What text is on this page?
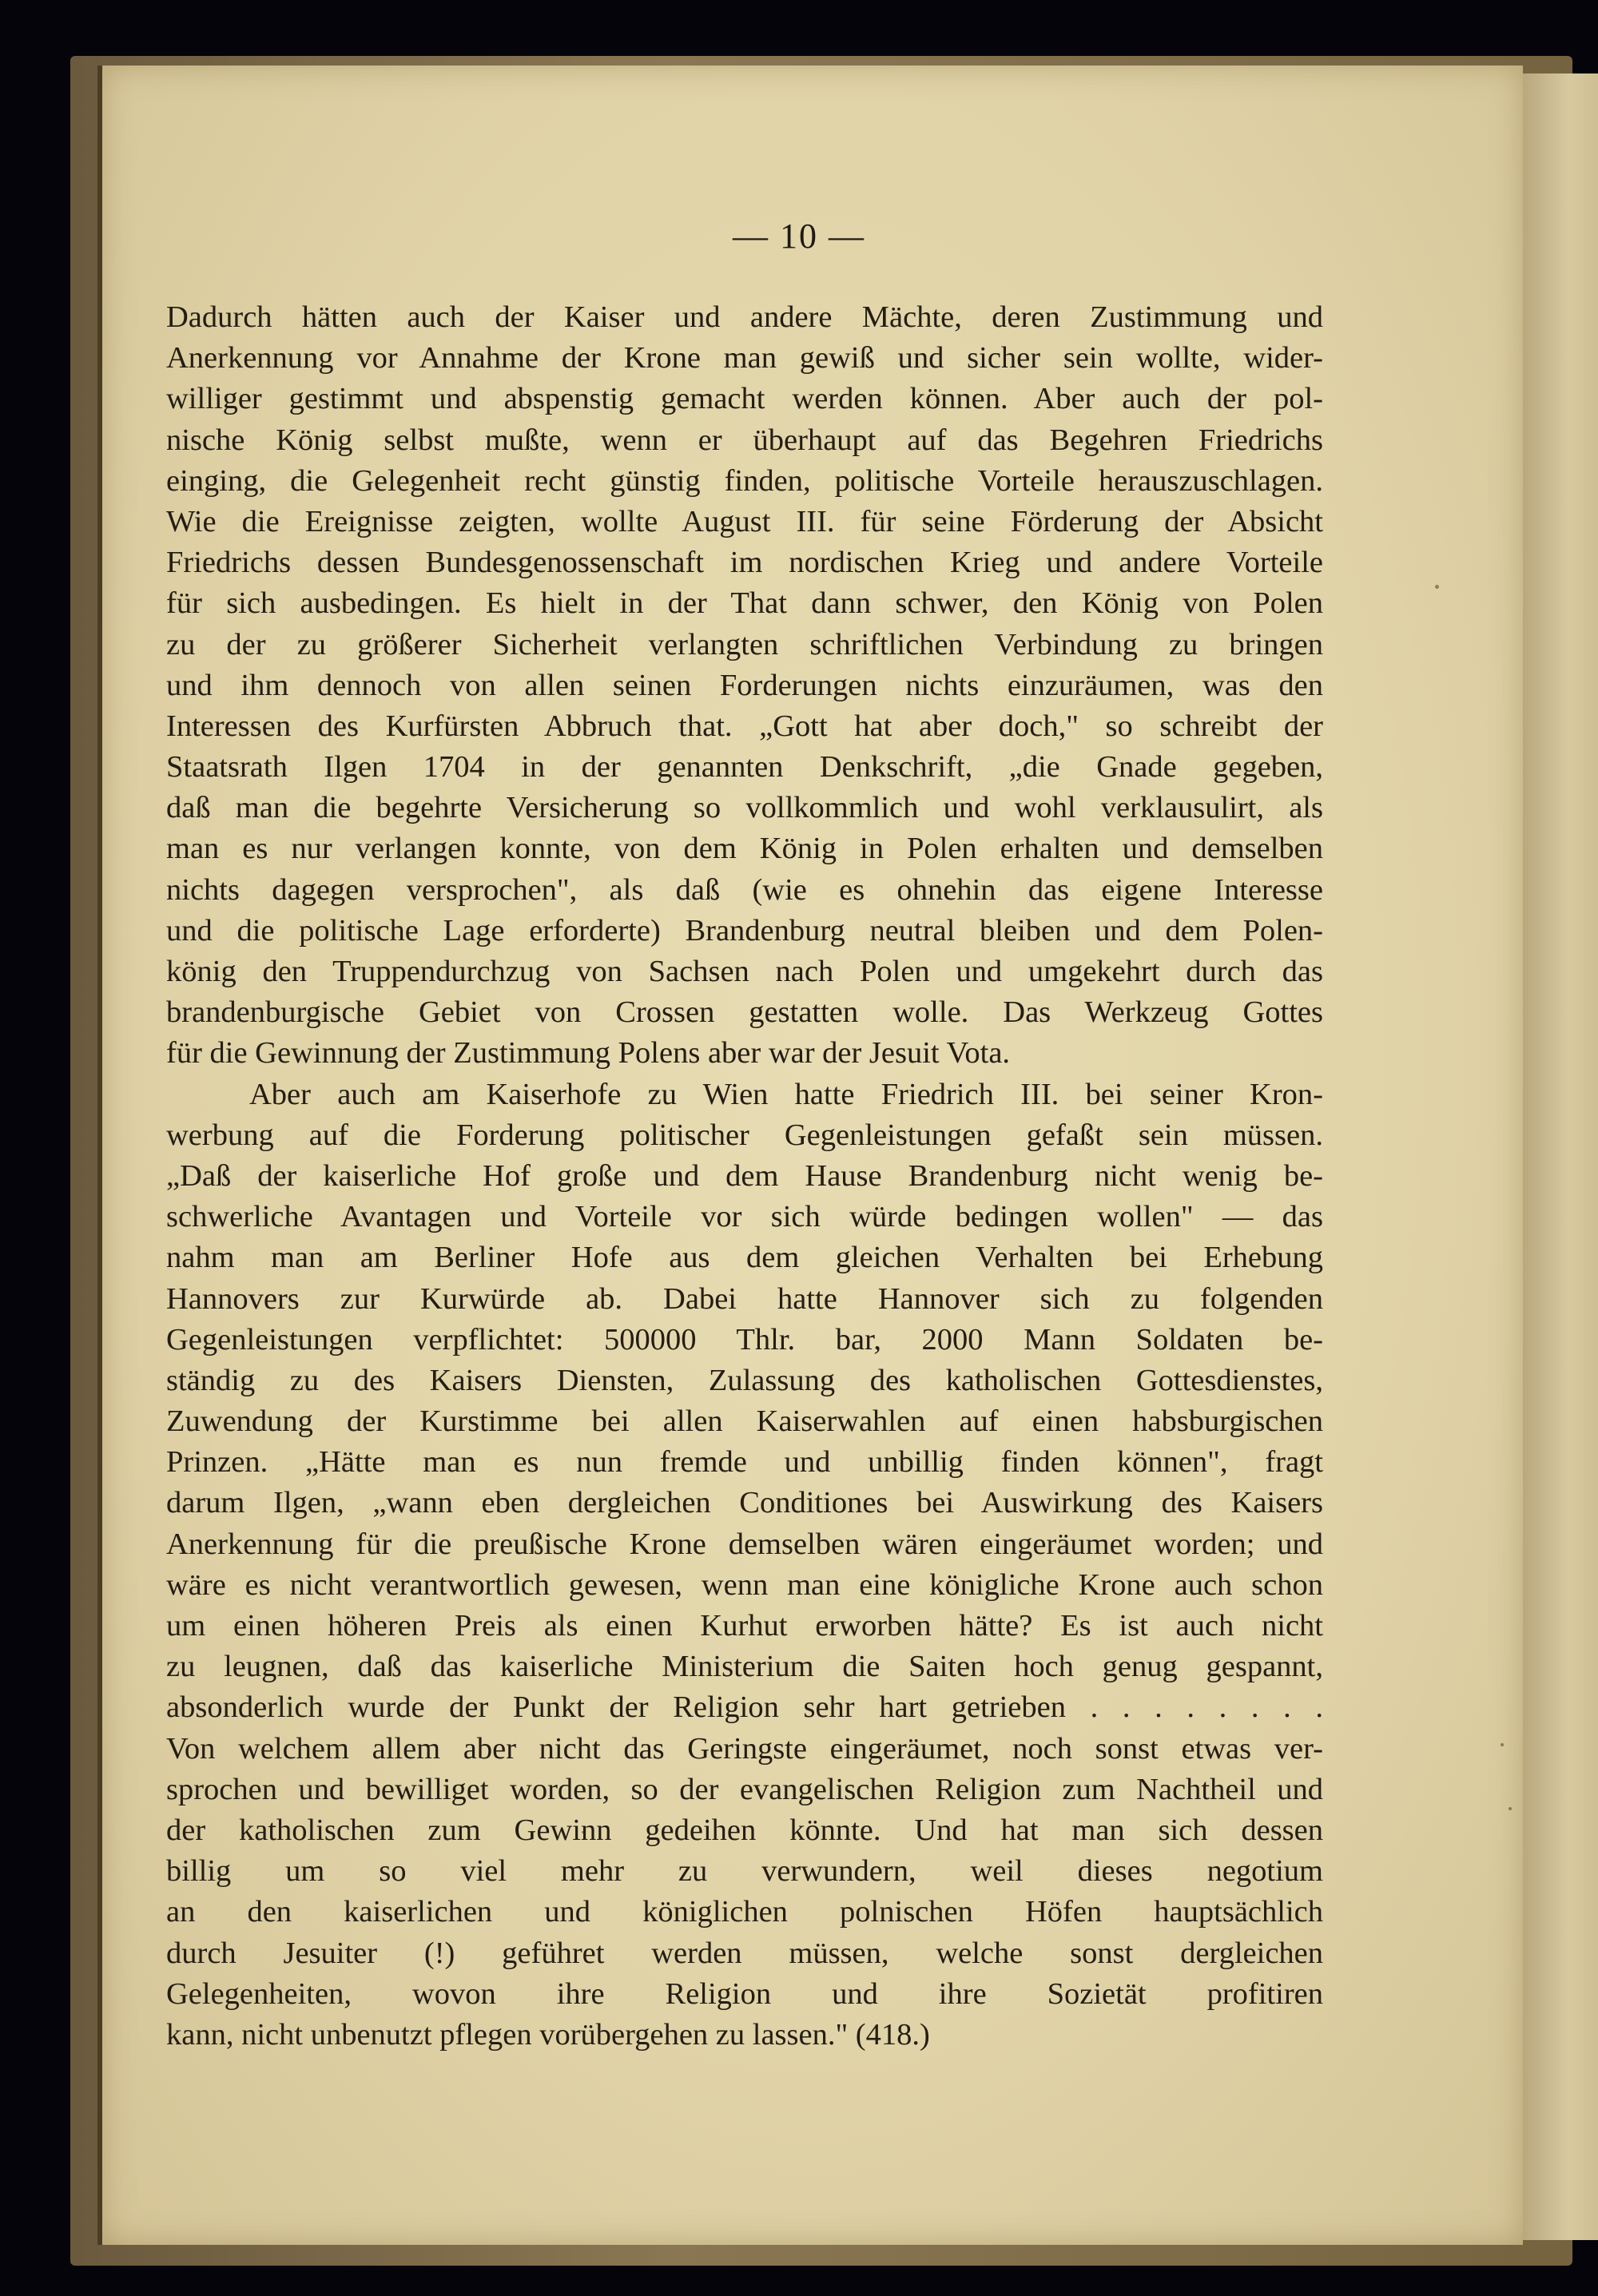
— 10 —

Dadurch hätten auch der Kaiser und andere Mächte, deren Zustimmung und
Anerkennung vor Annahme der Krone man gewiß und sicher sein wollte, wider-
williger gestimmt und abspenstig gemacht werden können. Aber auch der pol-
nische König selbst mußte, wenn er überhaupt auf das Begehren Friedrichs
einging, die Gelegenheit recht günstig finden, politische Vorteile herauszuschlagen.
Wie die Ereignisse zeigten, wollte August III. für seine Förderung der Absicht
Friedrichs dessen Bundesgenossenschaft im nordischen Krieg und andere Vorteile
für sich ausbedingen. Es hielt in der That dann schwer, den König von Polen
zu der zu größerer Sicherheit verlangten schriftlichen Verbindung zu bringen
und ihm dennoch von allen seinen Forderungen nichts einzuräumen, was den
Interessen des Kurfürsten Abbruch that. „Gott hat aber doch," so schreibt der
Staatsrath Ilgen 1704 in der genannten Denkschrift, „die Gnade gegeben,
daß man die begehrte Versicherung so vollkommlich und wohl verklausulirt, als
man es nur verlangen konnte, von dem König in Polen erhalten und demselben
nichts dagegen versprochen", als daß (wie es ohnehin das eigene Interesse
und die politische Lage erforderte) Brandenburg neutral bleiben und dem Polen-
könig den Truppendurchzug von Sachsen nach Polen und umgekehrt durch das
brandenburgische Gebiet von Crossen gestatten wolle. Das Werkzeug Gottes
für die Gewinnung der Zustimmung Polens aber war der Jesuit Vota.
Aber auch am Kaiserhofe zu Wien hatte Friedrich III. bei seiner Kron-
werbung auf die Forderung politischer Gegenleistungen gefaßt sein müssen.
„Daß der kaiserliche Hof große und dem Hause Brandenburg nicht wenig be-
schwerliche Avantagen und Vorteile vor sich würde bedingen wollen" — das
nahm man am Berliner Hofe aus dem gleichen Verhalten bei Erhebung
Hannovers zur Kurwürde ab. Dabei hatte Hannover sich zu folgenden
Gegenleistungen verpflichtet: 500000 Thlr. bar, 2000 Mann Soldaten be-
ständig zu des Kaisers Diensten, Zulassung des katholischen Gottesdienstes,
Zuwendung der Kurstimme bei allen Kaiserwahlen auf einen habsburgischen
Prinzen. „Hätte man es nun fremde und unbillig finden können", fragt
darum Ilgen, „wann eben dergleichen Conditiones bei Auswirkung des Kaisers
Anerkennung für die preußische Krone demselben wären eingeräumet worden; und
wäre es nicht verantwortlich gewesen, wenn man eine königliche Krone auch schon
um einen höheren Preis als einen Kurhut erworben hätte? Es ist auch nicht
zu leugnen, daß das kaiserliche Ministerium die Saiten hoch genug gespannt,
absonderlich wurde der Punkt der Religion sehr hart getrieben . . . . . . . .
Von welchem allem aber nicht das Geringste eingeräumet, noch sonst etwas ver-
sprochen und bewilliget worden, so der evangelischen Religion zum Nachtheil und
der katholischen zum Gewinn gedeihen könnte. Und hat man sich dessen
billig um so viel mehr zu verwundern, weil dieses negotium
an den kaiserlichen und königlichen polnischen Höfen hauptsächlich
durch Jesuiter (!) geführet werden müssen, welche sonst dergleichen
Gelegenheiten, wovon ihre Religion und ihre Sozietät profitiren
kann, nicht unbenutzt pflegen vorübergehen zu lassen." (418.)
